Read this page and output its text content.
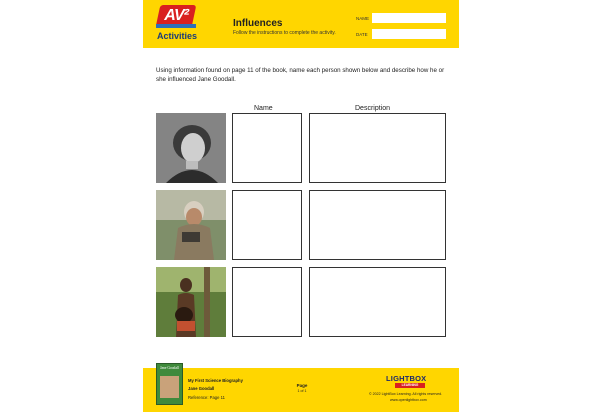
AV²
Activities
Influences
Follow the instructions to complete the activity.
NAME
DATE
Using information found on page 11 of the book, name each person shown below and describe how he or she influenced Jane Goodall.
Name	Description
Jane Goodall
My First Science Biography
Jane Goodall
Reference: Page 11
Page
1 of 1
LIGHTBOX
LEARNING
© 2022 LightBox Learning. All rights reserved.
www.openlightbox.com
